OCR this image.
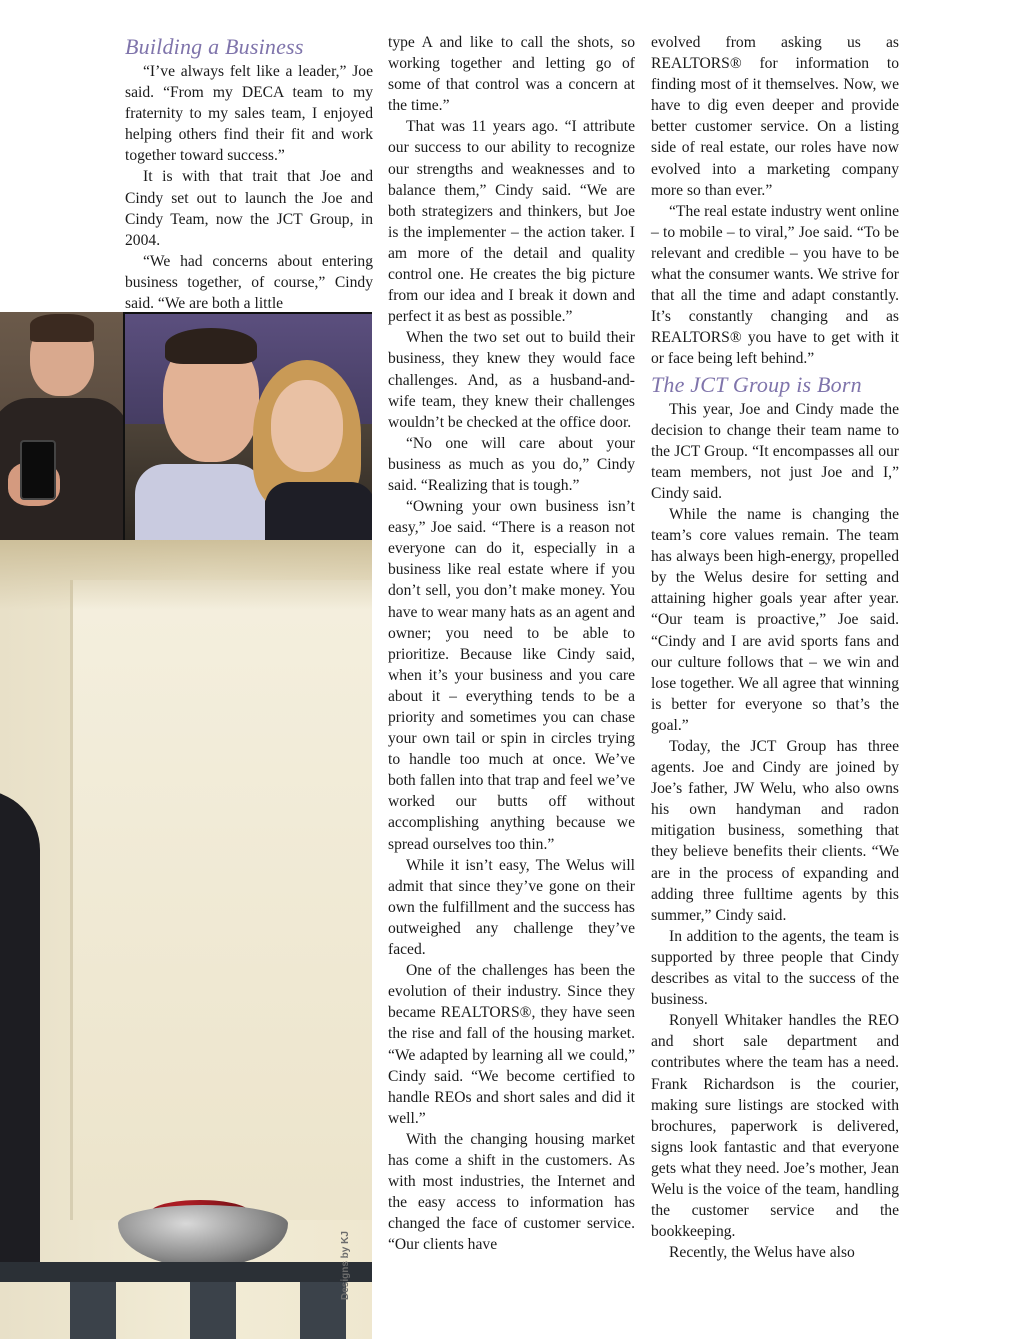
Designs by KJ
Building a Business

“I’ve always felt like a leader,” Joe said. “From my DECA team to my fraternity to my sales team, I enjoyed helping others find their fit and work together toward success.”

It is with that trait that Joe and Cindy set out to launch the Joe and Cindy Team, now the JCT Group, in 2004.

“We had concerns about entering business together, of course,” Cindy said. “We are both a little

type A and like to call the shots, so working together and letting go of some of that control was a concern at the time.”

That was 11 years ago. “I attribute our success to our ability to recognize our strengths and weaknesses and to balance them,” Cindy said. “We are both strategizers and thinkers, but Joe is the implementer – the action taker. I am more of the detail and quality control one. He creates the big picture from our idea and I break it down and perfect it as best as possible.”

When the two set out to build their business, they knew they would face challenges. And, as a husband-and-wife team, they knew their challenges wouldn’t be checked at the office door.

“No one will care about your business as much as you do,” Cindy said. “Realizing that is tough.”

“Owning your own business isn’t easy,” Joe said. “There is a reason not everyone can do it, especially in a business like real estate where if you don’t sell, you don’t make money. You have to wear many hats as an agent and owner; you need to be able to prioritize. Because like Cindy said, when it’s your business and you care about it – everything tends to be a priority and sometimes you can chase your own tail or spin in circles trying to handle too much at once. We’ve both fallen into that trap and feel we’ve worked our butts off without accomplishing anything because we spread ourselves too thin.”

While it isn’t easy, The Welus will admit that since they’ve gone on their own the fulfillment and the success has outweighed any challenge they’ve faced.

One of the challenges has been the evolution of their industry. Since they became REALTORS®, they have seen the rise and fall of the housing market. “We adapted by learning all we could,” Cindy said. “We become certified to handle REOs and short sales and did it well.”

With the changing housing market has come a shift in the customers. As with most industries, the Internet and the easy access to information has changed the face of customer service. “Our clients have

evolved from asking us as REALTORS® for information to finding most of it themselves. Now, we have to dig even deeper and provide better customer service. On a listing side of real estate, our roles have now evolved into a marketing company more so than ever.”

“The real estate industry went online – to mobile – to viral,” Joe said. “To be relevant and credible – you have to be what the consumer wants. We strive for that all the time and adapt constantly. It’s constantly changing and as REALTORS® you have to get with it or face being left behind.”

The JCT Group is Born

This year, Joe and Cindy made the decision to change their team name to the JCT Group. “It encompasses all our team members, not just Joe and I,” Cindy said.

While the name is changing the team’s core values remain. The team has always been high-energy, propelled by the Welus desire for setting and attaining higher goals year after year. “Our team is proactive,” Joe said. “Cindy and I are avid sports fans and our culture follows that – we win and lose together. We all agree that winning is better for everyone so that’s the goal.”

Today, the JCT Group has three agents. Joe and Cindy are joined by Joe’s father, JW Welu, who also owns his own handyman and radon mitigation business, something that they believe benefits their clients. “We are in the process of expanding and adding three fulltime agents by this summer,” Cindy said.

In addition to the agents, the team is supported by three people that Cindy describes as vital to the success of the business.

Ronyell Whitaker handles the REO and short sale department and contributes where the team has a need. Frank Richardson is the courier, making sure listings are stocked with brochures, paperwork is delivered, signs look fantastic and that everyone gets what they need. Joe’s mother, Jean Welu is the voice of the team, handling the customer service and the bookkeeping.

Recently, the Welus have also
